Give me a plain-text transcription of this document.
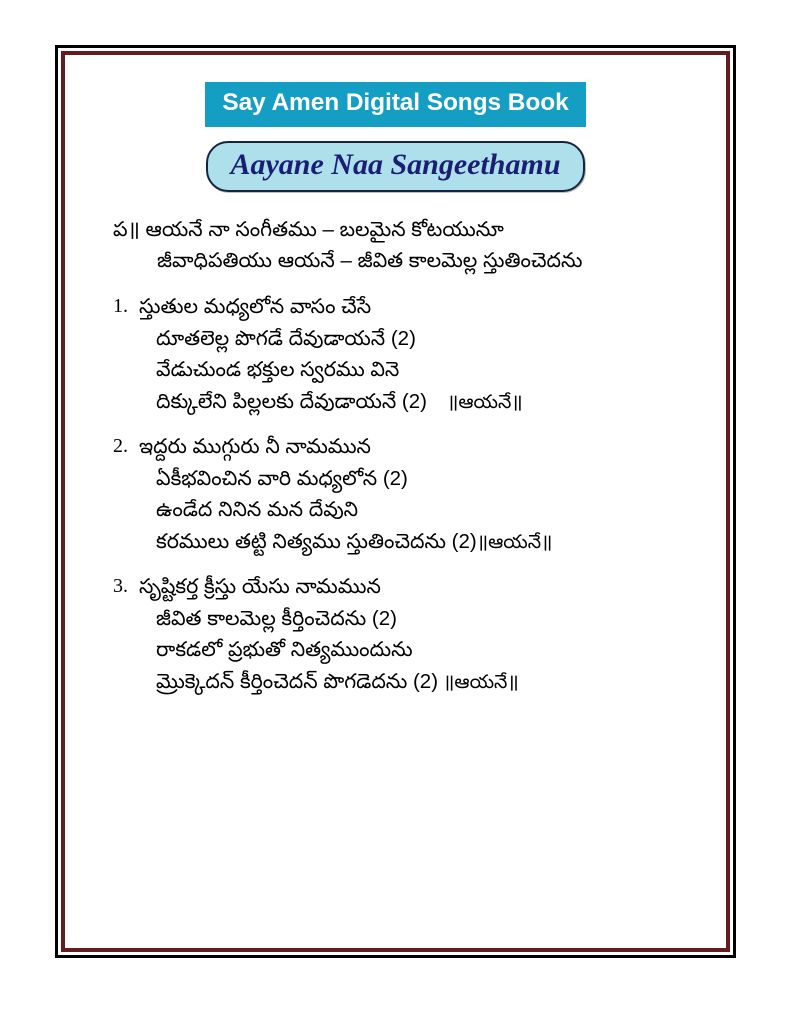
Say Amen Digital Songs Book
Aayane Naa Sangeethamu
ప॥ ఆయనే నా సంగీతము – బలమైన కోటయునూ
జీవాధిపతియు ఆయనే – జీవిత కాలమెల్ల స్తుతించెదను
1. స్తుతుల మధ్యలోన వాసం చేసే
దూతలెల్ల పొగడే దేవుడాయనే (2)
వేడుచుండ భక్తుల స్వరము వినె
దిక్కులేని పిల్లలకు దేవుడాయనే (2) ॥ఆయనే॥
2. ఇద్దరు ముగ్గురు నీ నామమున
ఏకీభవించిన వారి మధ్యలోన (2)
ఉండేద నినిన మన దేవుని
కరములు తట్టి నిత్యము స్తుతించెదను (2)॥ఆయనే॥
3. సృష్టికర్త క్రీస్తు యేసు నామమున
జీవిత కాలమెల్ల కీర్తించెదను (2)
రాకడలో ప్రభుతో నిత్యముందును
మ్రొక్కెదన్ కీర్తించెదన్ పొగడెదను (2) ॥ఆయనే॥
